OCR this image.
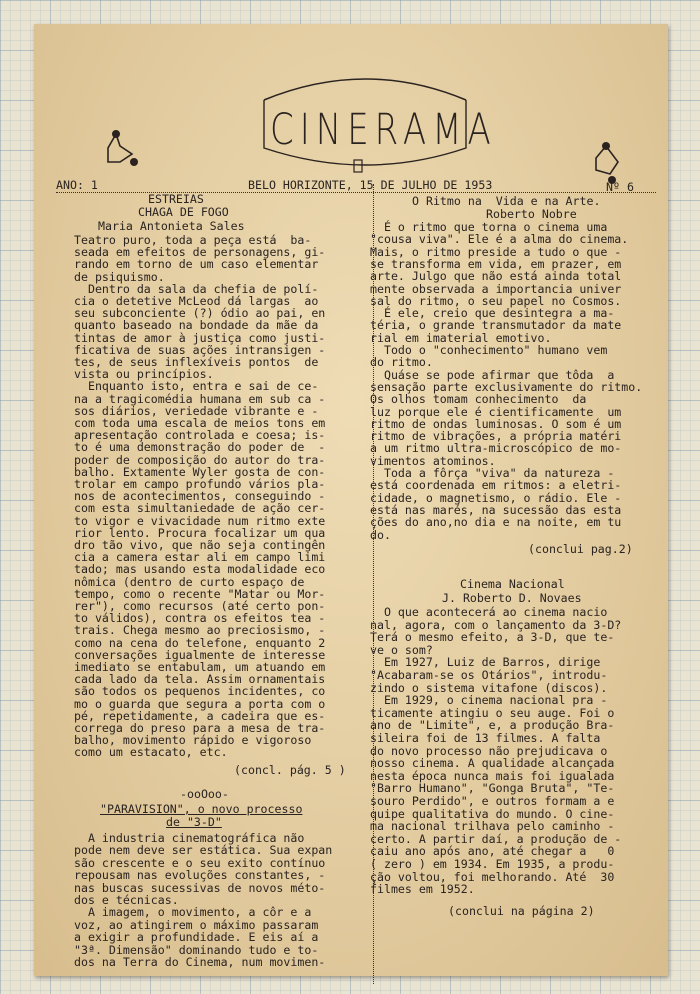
CINERAMA
ANO: 1	BELO HORIZONTE, 15 DE JULHO DE 1953	Nº 6
ESTREIAS
CHAGA DE FOGO
Maria Antonieta Sales
Teatro puro, toda a peça está  ba-
seada em efeitos de personagens, gi-
rando em torno de um caso elementar
de psiquismo.
Dentro da sala da chefia de polí-
cia o detetive McLeod dá largas  ao
seu subconciente (?) ódio ao pai, en
quanto baseado na bondade da mãe da
tintas de amor à justiça como justi-
ficativa de suas ações intransigen -
tes, de seus inflexíveis pontos  de
vista ou princípios.
Enquanto isto, entra e sai de ce-
na a tragicomédia humana em sub ca -
sos diários, veriedade vibrante e -
com toda uma escala de meios tons em
apresentação controlada e coesa; is-
to é uma demonstração do poder de  -
poder de composição do autor do tra-
balho. Extamente Wyler gosta de con-
trolar em campo profundo vários pla-
nos de acontecimentos, conseguindo -
com esta simultaniedade de ação cer-
to vigor e vivacidade num ritmo exte
rior lento. Procura focalizar um qua
dro tão vivo, que não seja contingên
cia a camera estar ali em campo limi
tado; mas usando esta modalidade eco
nômica (dentro de curto espaço de
tempo, como o recente "Matar ou Mor-
rer"), como recursos (até certo pon-
to válidos), contra os efeitos tea -
trais. Chega mesmo ao preciosismo, -
como na cena do telefone, enquanto 2
conversações igualmente de interesse
imediato se entabulam, um atuando em
cada lado da tela. Assim ornamentais
são todos os pequenos incidentes, co
mo o guarda que segura a porta com o
pé, repetidamente, a cadeira que es-
correga do preso para a mesa de tra-
balho, movimento rápido e vigoroso
como um estacato, etc.
(concl. pág. 5 )
-ooOoo-
"PARAVISION", o novo processo
de "3-D"
A industria cinematográfica não
pode nem deve ser estática. Sua expan
são crescente e o seu exito contínuo
repousam nas evoluções constantes, -
nas buscas sucessivas de novos méto-
dos e técnicas.
A imagem, o movimento, a côr e a
voz, ao atingirem o máximo passaram
a exigir a profundidade. E eis aí a
"3ª. Dimensão" dominando tudo e to-
dos na Terra do Cinema, num movimen-
O Ritmo na  Vida e na Arte.
Roberto Nobre
É o ritmo que torna o cinema uma
"cousa viva". Ele é a alma do cinema.
Mais, o ritmo preside a tudo o que -
se transforma em vida, em prazer, em
arte. Julgo que não está ainda total
mente observada a importancia univer
sal do ritmo, o seu papel no Cosmos.
É ele, creio que desintegra a ma-
téria, o grande transmutador da mate
rial em imaterial emotivo.
Todo o "conhecimento" humano vem
do ritmo.
Quáse se pode afirmar que tôda  a
sensação parte exclusivamente do ritmo.
Os olhos tomam conhecimento  da
luz porque ele é cientificamente  um
ritmo de ondas luminosas. O som é um
ritmo de vibrações, a própria matéri
a um ritmo ultra-microscópico de mo-
vimentos atominos.
Toda a fôrça "viva" da natureza -
está coordenada em ritmos: a eletri-
cidade, o magnetismo, o rádio. Ele -
está nas marés, na sucessão das esta
ções do ano,no dia e na noite, em tu
do.
(conclui pag.2)
Cinema Nacional
J. Roberto D. Novaes
O que acontecerá ao cinema nacio
nal, agora, com o lançamento da 3-D?
Terá o mesmo efeito, a 3-D, que te-
ve o som?
Em 1927, Luiz de Barros, dirige
"Acabaram-se os Otários", introdu-
zindo o sistema vitafone (discos).
Em 1929, o cinema nacional pra -
ticamente atingiu o seu auge. Foi o
ano de "Limite", e, a produção Bra-
sileira foi de 13 filmes. A falta
do novo processo não prejudicava o
nosso cinema. A qualidade alcançada
nesta época nunca mais foi igualada
"Barro Humano", "Gonga Bruta", "Te-
souro Perdido", e outros formam a e
quipe qualitativa do mundo. O cine-
ma nacional trilhava pelo caminho -
certo. A partir daí, a produção de -
caiu ano após ano, até chegar a   0
( zero ) em 1934. Em 1935, a produ-
ção voltou, foi melhorando. Até  30
filmes em 1952.
(conclui na página 2)
